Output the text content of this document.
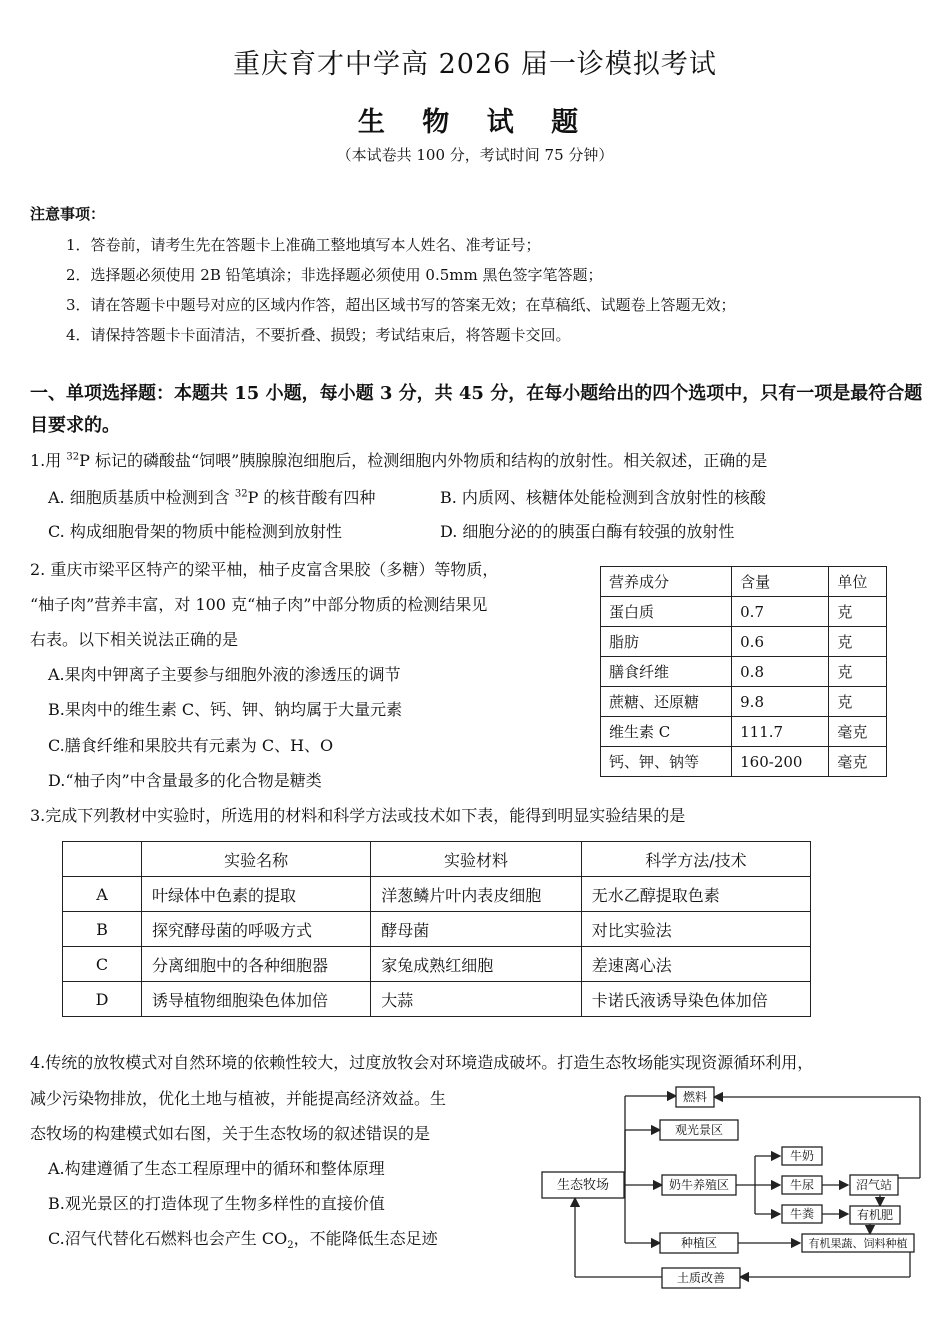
重庆育才中学高 2026 届一诊模拟考试
生 物 试 题
（本试卷共 100 分，考试时间 75 分钟）
注意事项：
1．答卷前，请考生先在答题卡上准确工整地填写本人姓名、准考证号；
2．选择题必须使用 2B 铅笔填涂；非选择题必须使用 0.5mm 黑色签字笔答题；
3．请在答题卡中题号对应的区域内作答，超出区域书写的答案无效；在草稿纸、试题卷上答题无效；
4．请保持答题卡卡面清洁，不要折叠、损毁；考试结束后，将答题卡交回。
一、单项选择题：本题共 15 小题，每小题 3 分，共 45 分，在每小题给出的四个选项中，只有一项是最符合题目要求的。
1.用 $^{32}$P 标记的磷酸盐“饲喂”胰腺腺泡细胞后，检测细胞内外物质和结构的放射性。相关叙述，正确的是
A. 细胞质基质中检测到含 $^{32}$P 的核苷酸有四种	B. 内质网、核糖体处能检测到含放射性的核酸
C. 构成细胞骨架的物质中能检测到放射性	D. 细胞分泌的的胰蛋白酶有较强的放射性
2. 重庆市梁平区特产的梁平柚，柚子皮富含果胶（多糖）等物质，
“柚子肉”营养丰富，对 100 克“柚子肉”中部分物质的检测结果见
右表。以下相关说法正确的是
A.果肉中钾离子主要参与细胞外液的渗透压的调节
B.果肉中的维生素 C、钙、钾、钠均属于大量元素
C.膳食纤维和果胶共有元素为 C、H、O
D.“柚子肉”中含量最多的化合物是糖类
营养成分	含量	单位
蛋白质	0.7	克
脂肪	0.6	克
膳食纤维	0.8	克
蔗糖、还原糖	9.8	克
维生素 C	111.7	毫克
钙、钾、钠等	160-200	毫克
3.完成下列教材中实验时，所选用的材料和科学方法或技术如下表，能得到明显实验结果的是
	实验名称	实验材料	科学方法/技术
A	叶绿体中色素的提取	洋葱鳞片叶内表皮细胞	无水乙醇提取色素
B	探究酵母菌的呼吸方式	酵母菌	对比实验法
C	分离细胞中的各种细胞器	家兔成熟红细胞	差速离心法
D	诱导植物细胞染色体加倍	大蒜	卡诺氏液诱导染色体加倍
4.传统的放牧模式对自然环境的依赖性较大，过度放牧会对环境造成破坏。打造生态牧场能实现资源循环利用，
减少污染物排放，优化土地与植被，并能提高经济效益。生
态牧场的构建模式如右图，关于生态牧场的叙述错误的是
A.构建遵循了生态工程原理中的循环和整体原理
B.观光景区的打造体现了生物多样性的直接价值
C.沼气代替化石燃料也会产生 $CO_2$，不能降低生态足迹
生态牧场
燃料
观光景区
奶牛养殖区
牛奶
牛尿
牛粪
沼气站
有机肥
种植区	有机果蔬、饲料种植
土质改善
